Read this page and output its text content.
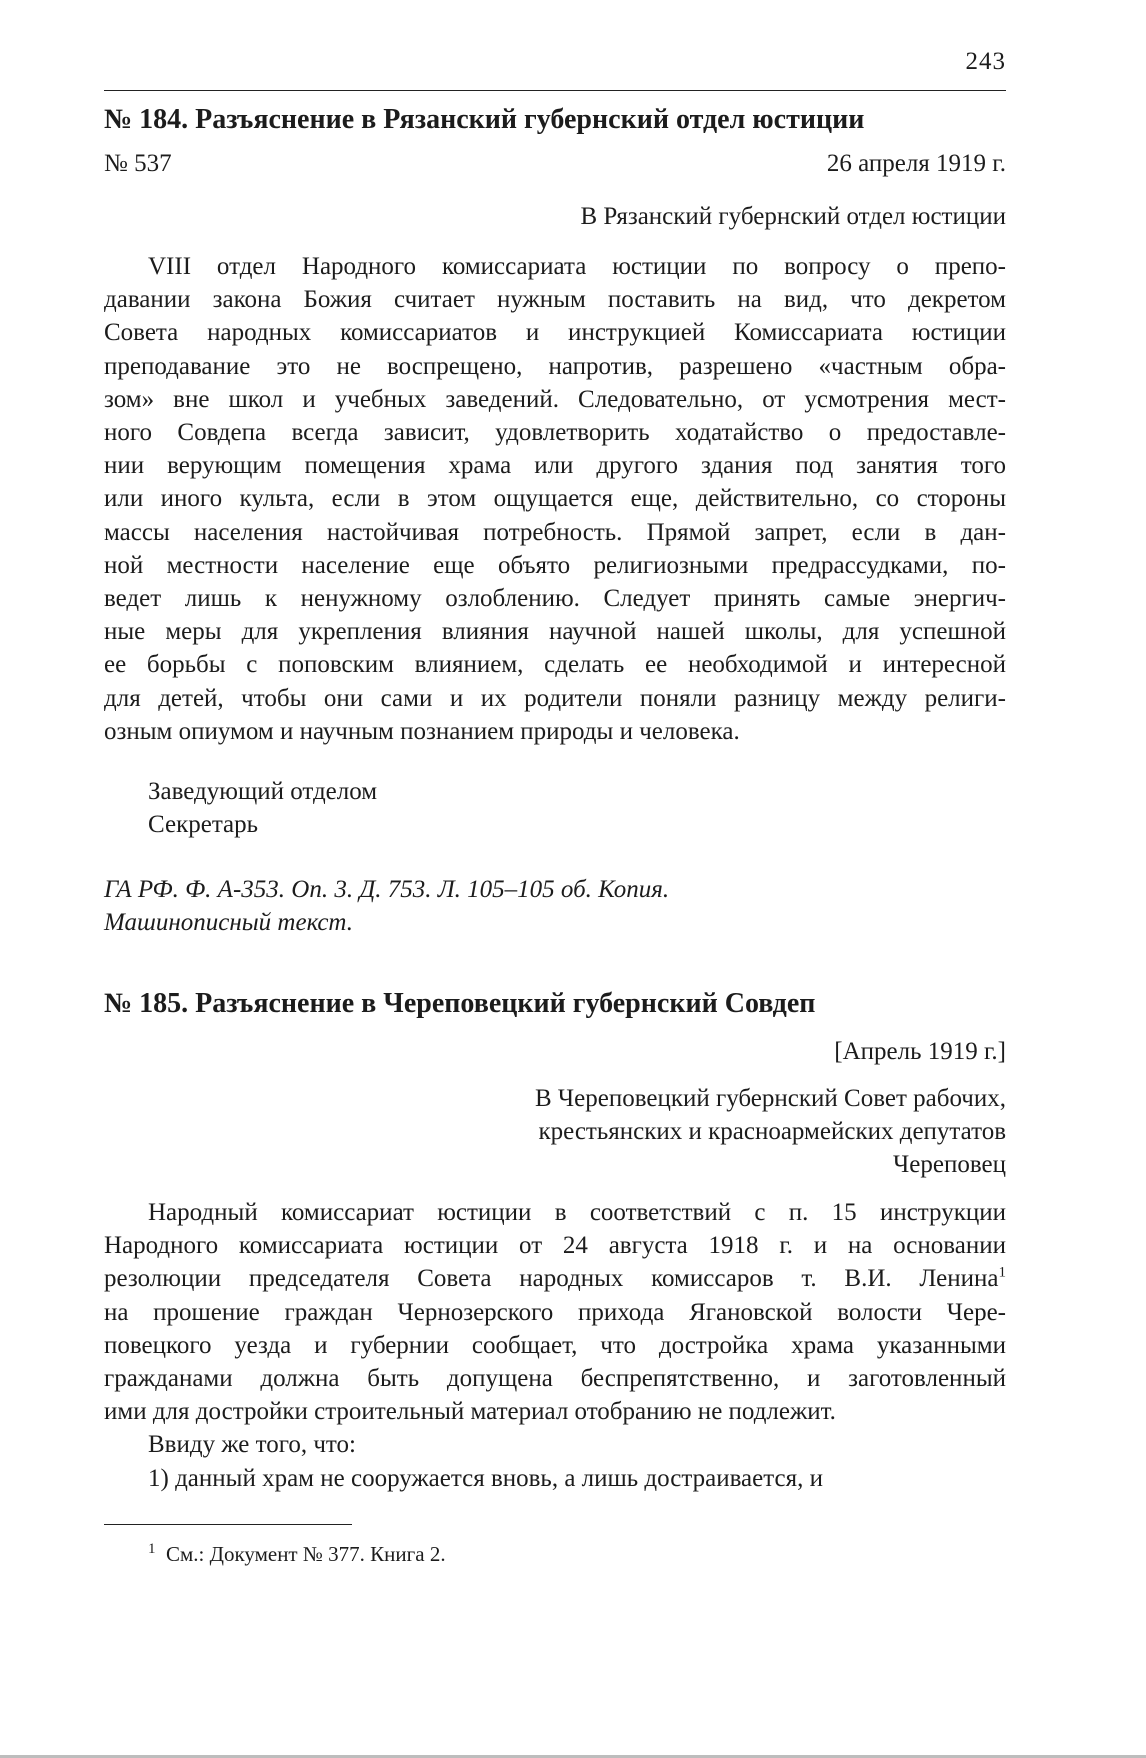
243
№ 184. Разъяснение в Рязанский губернский отдел юстиции
№ 537	26 апреля 1919 г.
В Рязанский губернский отдел юстиции
VIII отдел Народного комиссариата юстиции по вопросу о препо-
давании закона Божия считает нужным поставить на вид, что декретом
Совета народных комиссариатов и инструкцией Комиссариата юстиции
преподавание это не воспрещено, напротив, разрешено «частным обра-
зом» вне школ и учебных заведений. Следовательно, от усмотрения мест-
ного Совдепа всегда зависит, удовлетворить ходатайство о предоставле-
нии верующим помещения храма или другого здания под занятия того
или иного культа, если в этом ощущается еще, действительно, со стороны
массы населения настойчивая потребность. Прямой запрет, если в дан-
ной местности население еще объято религиозными предрассудками, по-
ведет лишь к ненужному озлоблению. Следует принять самые энергич-
ные меры для укрепления влияния научной нашей школы, для успешной
ее борьбы с поповским влиянием, сделать ее необходимой и интересной
для детей, чтобы они сами и их родители поняли разницу между религи-
озным опиумом и научным познанием природы и человека.
Заведующий отделом
Секретарь
ГА РФ. Ф. А-353. Оп. 3. Д. 753. Л. 105–105 об. Копия.
Машинописный текст.
№ 185. Разъяснение в Череповецкий губернский Совдеп
[Апрель 1919 г.]
В Череповецкий губернский Совет рабочих,
крестьянских и красноармейских депутатов
Череповец
Народный комиссариат юстиции в соответствий с п. 15 инструкции
Народного комиссариата юстиции от 24 августа 1918 г. и на основании
резолюции председателя Совета народных комиссаров т. В.И. Ленина$^1$
на прошение граждан Чернозерского прихода Ягановской волости Чере-
повецкого уезда и губернии сообщает, что достройка храма указанными
гражданами должна быть допущена беспрепятственно, и заготовленный
ими для достройки строительный материал отобранию не подлежит.
Ввиду же того, что:
1) данный храм не сооружается вновь, а лишь достраивается, и
$^1$ См.: Документ № 377. Книга 2.
